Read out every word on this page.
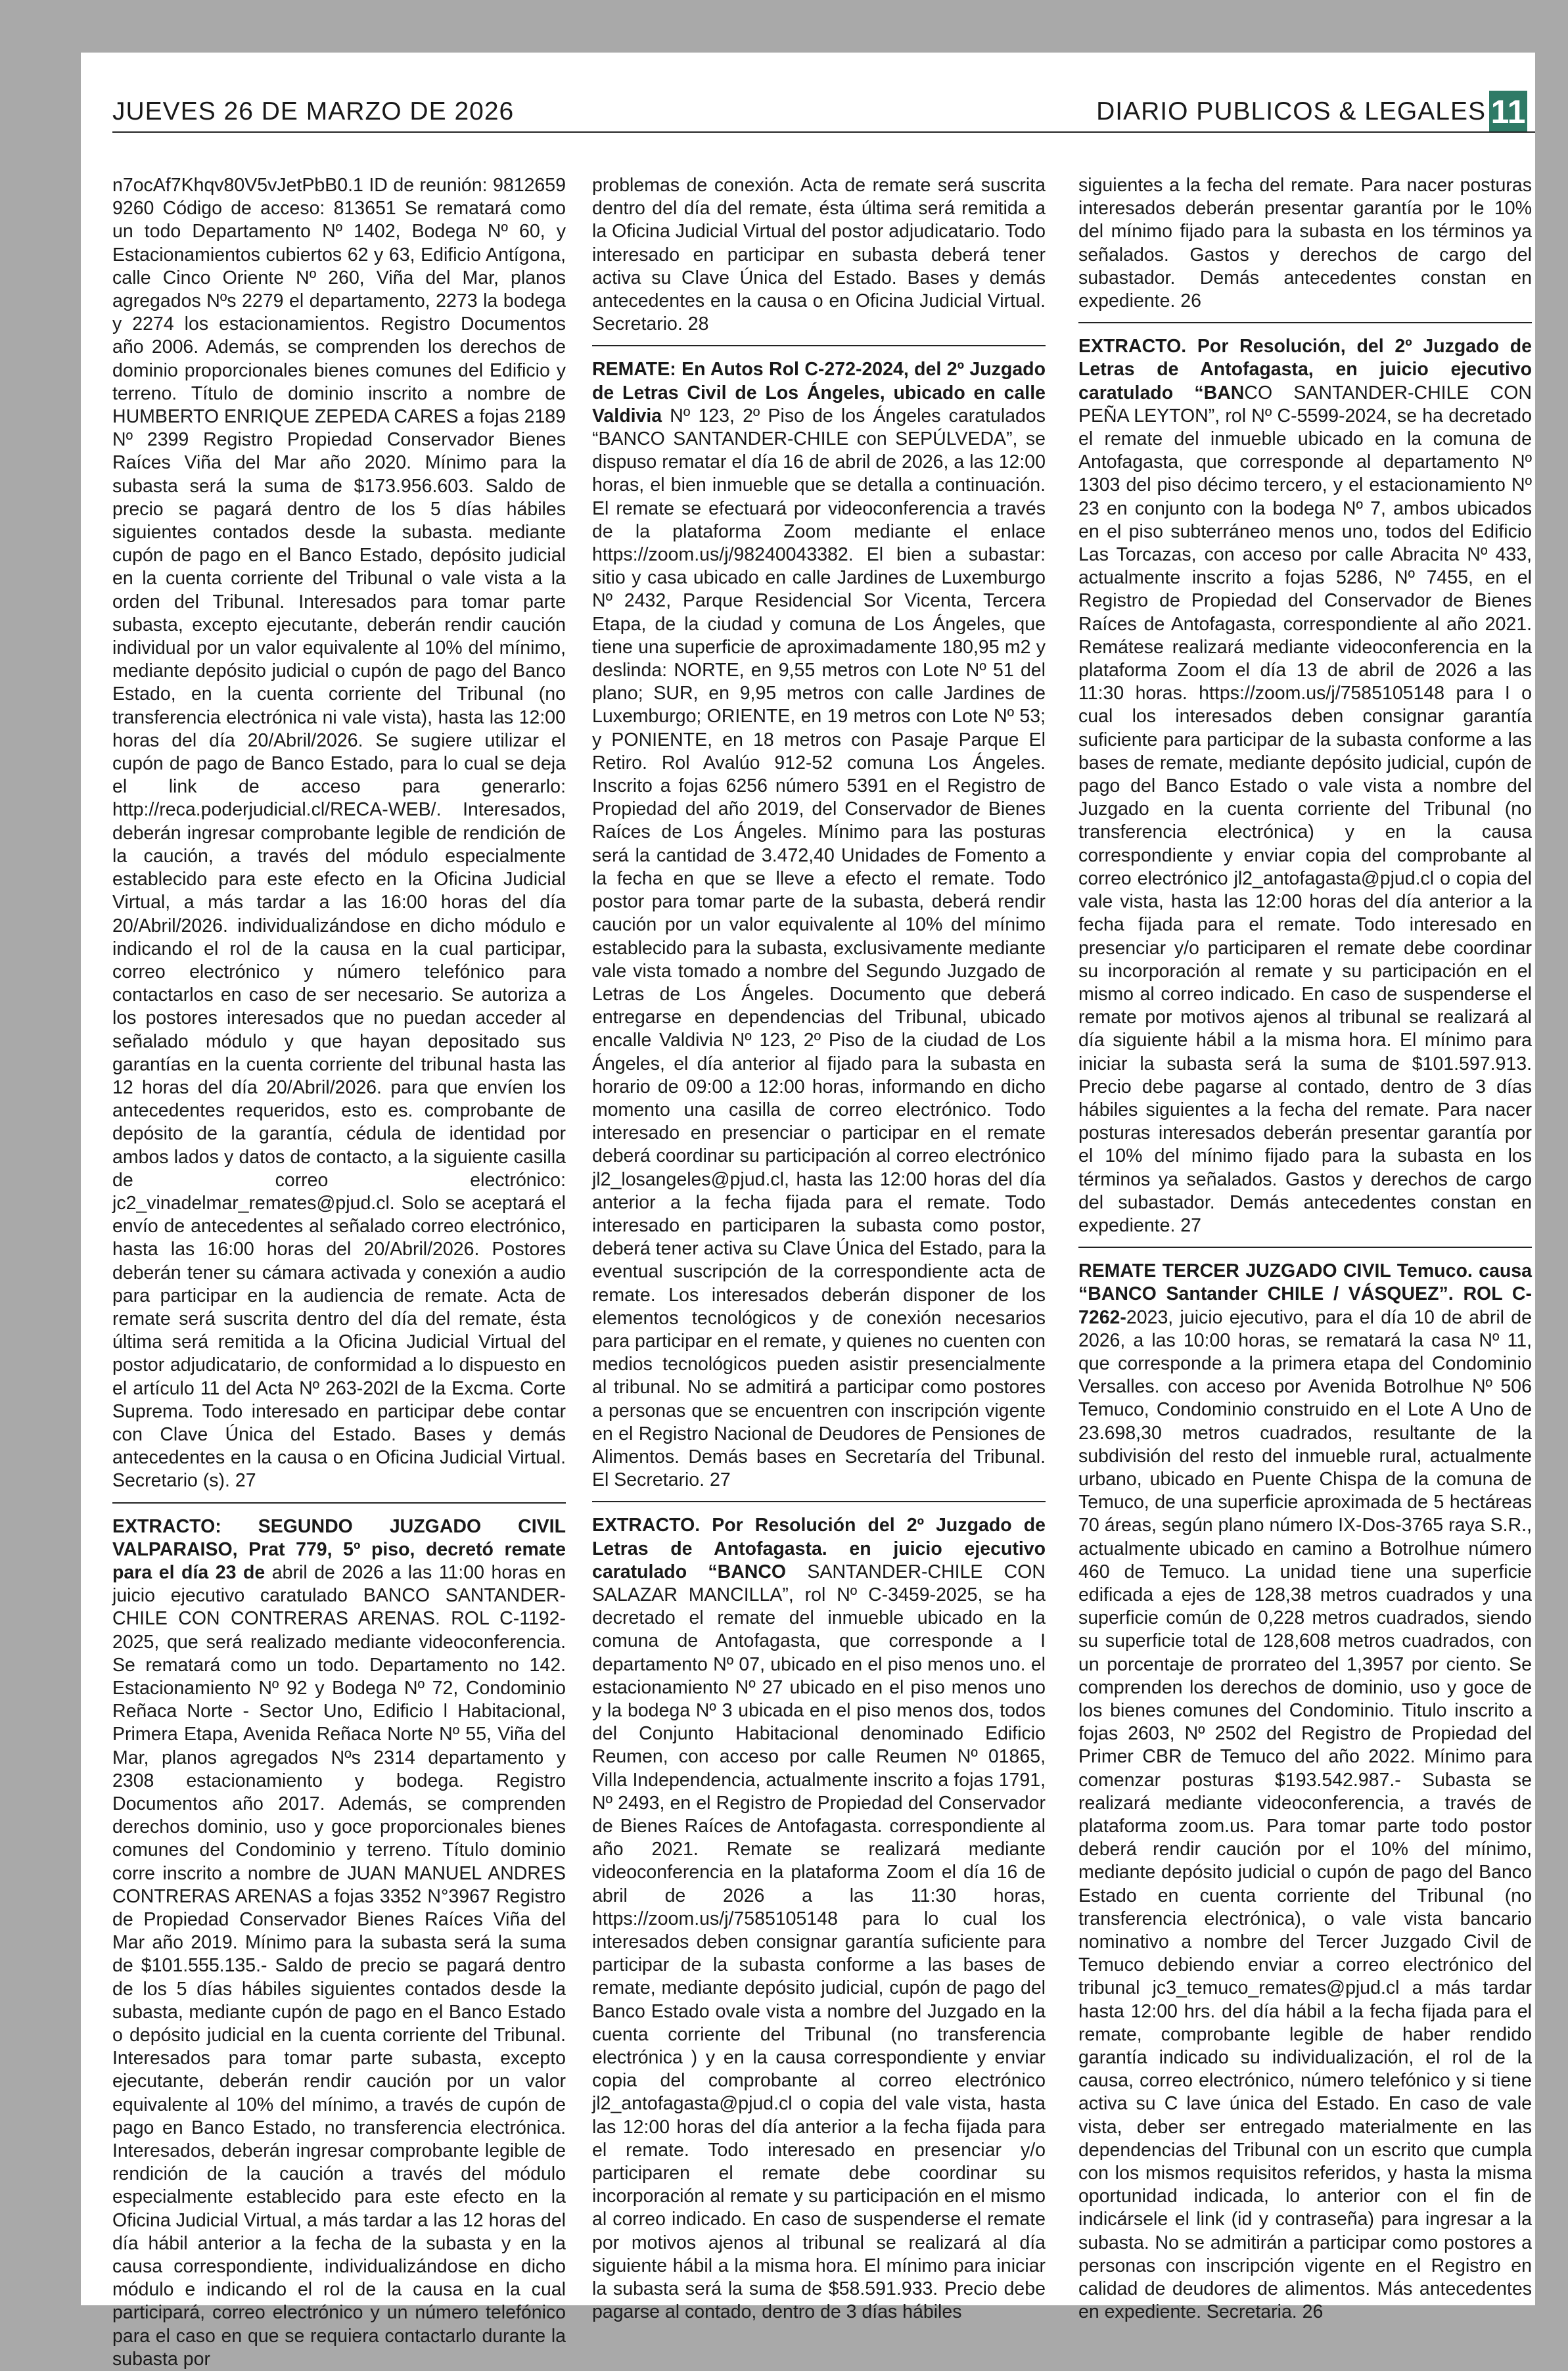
JUEVES 26 DE MARZO DE 2026	DIARIO PUBLICOS & LEGALES 11

n7ocAf7Khqv80V5vJetPbB0.1 ID de reunión: 9812659 9260 Código de acceso: 813651 Se rematará como un todo Departamento Nº 1402, Bodega Nº 60, y Estacionamientos cubiertos 62 y 63, Edificio Antígona, calle Cinco Oriente Nº 260, Viña del Mar, planos agregados Nºs 2279 el departamento, 2273 la bodega y 2274 los estacionamientos. Registro Documentos año 2006. Además, se comprenden los derechos de dominio proporcionales bienes comunes del Edificio y terreno. Título de dominio inscrito a nombre de HUMBERTO ENRIQUE ZEPEDA CARES a fojas 2189 Nº 2399 Registro Propiedad Conservador Bienes Raíces Viña del Mar año 2020. Mínimo para la subasta será la suma de $173.956.603. Saldo de precio se pagará dentro de los 5 días hábiles siguientes contados desde la subasta. mediante cupón de pago en el Banco Estado, depósito judicial en la cuenta corriente del Tribunal o vale vista a la orden del Tribunal. Interesados para tomar parte subasta, excepto ejecutante, deberán rendir caución individual por un valor equivalente al 10% del mínimo, mediante depósito judicial o cupón de pago del Banco Estado, en la cuenta corriente del Tribunal (no transferencia electrónica ni vale vista), hasta las 12:00 horas del día 20/Abril/2026. Se sugiere utilizar el cupón de pago de Banco Estado, para lo cual se deja el link de acceso para generarlo: http://reca.poderjudicial.cl/RECA-WEB/. Interesados, deberán ingresar comprobante legible de rendición de la caución, a través del módulo especialmente establecido para este efecto en la Oficina Judicial Virtual, a más tardar a las 16:00 horas del día 20/Abril/2026. individualizándose en dicho módulo e indicando el rol de la causa en la cual participar, correo electrónico y número telefónico para contactarlos en caso de ser necesario. Se autoriza a los postores interesados que no puedan acceder al señalado módulo y que hayan depositado sus garantías en la cuenta corriente del tribunal hasta las 12 horas del día 20/Abril/2026. para que envíen los antecedentes requeridos, esto es. comprobante de depósito de la garantía, cédula de identidad por ambos lados y datos de contacto, a la siguiente casilla de correo electrónico: jc2_vinadelmar_remates@pjud.cl. Solo se aceptará el envío de antecedentes al señalado correo electrónico, hasta las 16:00 horas del 20/Abril/2026. Postores deberán tener su cámara activada y conexión a audio para participar en la audiencia de remate. Acta de remate será suscrita dentro del día del remate, ésta última será remitida a la Oficina Judicial Virtual del postor adjudicatario, de conformidad a lo dispuesto en el artículo 11 del Acta Nº 263-202l de la Excma. Corte Suprema. Todo interesado en participar debe contar con Clave Única del Estado. Bases y demás antecedentes en la causa o en Oficina Judicial Virtual. Secretario (s). 27

EXTRACTO: SEGUNDO JUZGADO CIVIL VALPARAISO, Prat 779, 5º piso, decretó remate para el día 23 de abril de 2026 a las 11:00 horas en juicio ejecutivo caratulado BANCO SANTANDER-CHILE CON CONTRERAS ARENAS. ROL C-1192-2025, que será realizado mediante videoconferencia. Se rematará como un todo. Departamento no 142. Estacionamiento Nº 92 y Bodega Nº 72, Condominio Reñaca Norte - Sector Uno, Edificio l Habitacional, Primera Etapa, Avenida Reñaca Norte Nº 55, Viña del Mar, planos agregados Nºs 2314 departamento y 2308 estacionamiento y bodega. Registro Documentos año 2017. Además, se comprenden derechos dominio, uso y goce proporcionales bienes comunes del Condominio y terreno. Título dominio corre inscrito a nombre de JUAN MANUEL ANDRES CONTRERAS ARENAS a fojas 3352 N°3967 Registro de Propiedad Conservador Bienes Raíces Viña del Mar año 2019. Mínimo para la subasta será la suma de $101.555.135.- Saldo de precio se pagará dentro de los 5 días hábiles siguientes contados desde la subasta, mediante cupón de pago en el Banco Estado o depósito judicial en la cuenta corriente del Tribunal. Interesados para tomar parte subasta, excepto ejecutante, deberán rendir caución por un valor equivalente al 10% del mínimo, a través de cupón de pago en Banco Estado, no transferencia electrónica. Interesados, deberán ingresar comprobante legible de rendición de la caución a través del módulo especialmente establecido para este efecto en la Oficina Judicial Virtual, a más tardar a las 12 horas del día hábil anterior a la fecha de la subasta y en la causa correspondiente, individualizándose en dicho módulo e indicando el rol de la causa en la cual participará, correo electrónico y un número telefónico para el caso en que se requiera contactarlo durante la subasta por

problemas de conexión. Acta de remate será suscrita dentro del día del remate, ésta última será remitida a la Oficina Judicial Virtual del postor adjudicatario. Todo interesado en participar en subasta deberá tener activa su Clave Única del Estado. Bases y demás antecedentes en la causa o en Oficina Judicial Virtual. Secretario. 28

REMATE: En Autos Rol C-272-2024, del 2º Juzgado de Letras Civil de Los Ángeles, ubicado en calle Valdivia Nº 123, 2º Piso de los Ángeles caratulados “BANCO SANTANDER-CHILE con SEPÚLVEDA”, se dispuso rematar el día 16 de abril de 2026, a las 12:00 horas, el bien inmueble que se detalla a continuación. El remate se efectuará por videoconferencia a través de la plataforma Zoom mediante el enlace https://zoom.us/j/98240043382. El bien a subastar: sitio y casa ubicado en calle Jardines de Luxemburgo Nº 2432, Parque Residencial Sor Vicenta, Tercera Etapa, de la ciudad y comuna de Los Ángeles, que tiene una superficie de aproximadamente 180,95 m2 y deslinda: NORTE, en 9,55 metros con Lote Nº 51 del plano; SUR, en 9,95 metros con calle Jardines de Luxemburgo; ORIENTE, en 19 metros con Lote Nº 53; y PONIENTE, en 18 metros con Pasaje Parque El Retiro. Rol Avalúo 912-52 comuna Los Ángeles. Inscrito a fojas 6256 número 5391 en el Registro de Propiedad del año 2019, del Conservador de Bienes Raíces de Los Ángeles. Mínimo para las posturas será la cantidad de 3.472,40 Unidades de Fomento a la fecha en que se lleve a efecto el remate. Todo postor para tomar parte de la subasta, deberá rendir caución por un valor equivalente al 10% del mínimo establecido para la subasta, exclusivamente mediante vale vista tomado a nombre del Segundo Juzgado de Letras de Los Ángeles. Documento que deberá entregarse en dependencias del Tribunal, ubicado encalle Valdivia Nº 123, 2º Piso de la ciudad de Los Ángeles, el día anterior al fijado para la subasta en horario de 09:00 a 12:00 horas, informando en dicho momento una casilla de correo electrónico. Todo interesado en presenciar o participar en el remate deberá coordinar su participación al correo electrónico jl2_losangeles@pjud.cl, hasta las 12:00 horas del día anterior a la fecha fijada para el remate. Todo interesado en participaren la subasta como postor, deberá tener activa su Clave Única del Estado, para la eventual suscripción de la correspondiente acta de remate. Los interesados deberán disponer de los elementos tecnológicos y de conexión necesarios para participar en el remate, y quienes no cuenten con medios tecnológicos pueden asistir presencialmente al tribunal. No se admitirá a participar como postores a personas que se encuentren con inscripción vigente en el Registro Nacional de Deudores de Pensiones de Alimentos. Demás bases en Secretaría del Tribunal. El Secretario. 27

EXTRACTO. Por Resolución del 2º Juzgado de Letras de Antofagasta. en juicio ejecutivo caratulado “BANCO SANTANDER-CHILE CON SALAZAR MANCILLA”, rol Nº C-3459-2025, se ha decretado el remate del inmueble ubicado en la comuna de Antofagasta, que corresponde a I departamento Nº 07, ubicado en el piso menos uno. el estacionamiento Nº 27 ubicado en el piso menos uno y la bodega Nº 3 ubicada en el piso menos dos, todos del Conjunto Habitacional denominado Edificio Reumen, con acceso por calle Reumen Nº 01865, Villa Independencia, actualmente inscrito a fojas 1791, Nº 2493, en el Registro de Propiedad del Conservador de Bienes Raíces de Antofagasta. correspondiente al año 2021. Remate se realizará mediante videoconferencia en la plataforma Zoom el día 16 de abril de 2026 a las 11:30 horas, https://zoom.us/j/7585105148 para lo cual los interesados deben consignar garantía suficiente para participar de la subasta conforme a las bases de remate, mediante depósito judicial, cupón de pago del Banco Estado ovale vista a nombre del Juzgado en la cuenta corriente del Tribunal (no transferencia electrónica ) y en la causa correspondiente y enviar copia del comprobante al correo electrónico jl2_antofagasta@pjud.cl o copia del vale vista, hasta las 12:00 horas del día anterior a la fecha fijada para el remate. Todo interesado en presenciar y/o participaren el remate debe coordinar su incorporación al remate y su participación en el mismo al correo indicado. En caso de suspenderse el remate por motivos ajenos al tribunal se realizará al día siguiente hábil a la misma hora. El mínimo para iniciar la subasta será la suma de $58.591.933. Precio debe pagarse al contado, dentro de 3 días hábiles

siguientes a la fecha del remate. Para nacer posturas interesados deberán presentar garantía por le 10% del mínimo fijado para la subasta en los términos ya señalados. Gastos y derechos de cargo del subastador. Demás antecedentes constan en expediente. 26

EXTRACTO. Por Resolución, del 2º Juzgado de Letras de Antofagasta, en juicio ejecutivo caratulado “BANCO SANTANDER-CHILE CON PEÑA LEYTON”, rol Nº C-5599-2024, se ha decretado el remate del inmueble ubicado en la comuna de Antofagasta, que corresponde al departamento Nº 1303 del piso décimo tercero, y el estacionamiento Nº 23 en conjunto con la bodega Nº 7, ambos ubicados en el piso subterráneo menos uno, todos del Edificio Las Torcazas, con acceso por calle Abracita Nº 433, actualmente inscrito a fojas 5286, Nº 7455, en el Registro de Propiedad del Conservador de Bienes Raíces de Antofagasta, correspondiente al año 2021. Remátese realizará mediante videoconferencia en la plataforma Zoom el día 13 de abril de 2026 a las 11:30 horas. https://zoom.us/j/7585105148 para I o cual los interesados deben consignar garantía suficiente para participar de la subasta conforme a las bases de remate, mediante depósito judicial, cupón de pago del Banco Estado o vale vista a nombre del Juzgado en la cuenta corriente del Tribunal (no transferencia electrónica) y en la causa correspondiente y enviar copia del comprobante al correo electrónico jl2_antofagasta@pjud.cl o copia del vale vista, hasta las 12:00 horas del día anterior a la fecha fijada para el remate. Todo interesado en presenciar y/o participaren el remate debe coordinar su incorporación al remate y su participación en el mismo al correo indicado. En caso de suspenderse el remate por motivos ajenos al tribunal se realizará al día siguiente hábil a la misma hora. El mínimo para iniciar la subasta será la suma de $101.597.913. Precio debe pagarse al contado, dentro de 3 días hábiles siguientes a la fecha del remate. Para nacer posturas interesados deberán presentar garantía por el 10% del mínimo fijado para la subasta en los términos ya señalados. Gastos y derechos de cargo del subastador. Demás antecedentes constan en expediente. 27

REMATE TERCER JUZGADO CIVIL Temuco. causa “BANCO Santander CHILE / VÁSQUEZ”. ROL C-7262-2023, juicio ejecutivo, para el día 10 de abril de 2026, a las 10:00 horas, se rematará la casa Nº 11, que corresponde a la primera etapa del Condominio Versalles. con acceso por Avenida Botrolhue Nº 506 Temuco, Condominio construido en el Lote A Uno de 23.698,30 metros cuadrados, resultante de la subdivisión del resto del inmueble rural, actualmente urbano, ubicado en Puente Chispa de la comuna de Temuco, de una superficie aproximada de 5 hectáreas 70 áreas, según plano número IX-Dos-3765 raya S.R., actualmente ubicado en camino a Botrolhue número 460 de Temuco. La unidad tiene una superficie edificada a ejes de 128,38 metros cuadrados y una superficie común de 0,228 metros cuadrados, siendo su superficie total de 128,608 metros cuadrados, con un porcentaje de prorrateo del 1,3957 por ciento. Se comprenden los derechos de dominio, uso y goce de los bienes comunes del Condominio. Titulo inscrito a fojas 2603, Nº 2502 del Registro de Propiedad del Primer CBR de Temuco del año 2022. Mínimo para comenzar posturas $193.542.987.- Subasta se realizará mediante videoconferencia, a través de plataforma zoom.us. Para tomar parte todo postor deberá rendir caución por el 10% del mínimo, mediante depósito judicial o cupón de pago del Banco Estado en cuenta corriente del Tribunal (no transferencia electrónica), o vale vista bancario nominativo a nombre del Tercer Juzgado Civil de Temuco debiendo enviar a correo electrónico del tribunal jc3_temuco_remates@pjud.cl a más tardar hasta 12:00 hrs. del día hábil a la fecha fijada para el remate, comprobante legible de haber rendido garantía indicado su individualización, el rol de la causa, correo electrónico, número telefónico y si tiene activa su C lave única del Estado. En caso de vale vista, deber ser entregado materialmente en las dependencias del Tribunal con un escrito que cumpla con los mismos requisitos referidos, y hasta la misma oportunidad indicada, lo anterior con el fin de indicársele el link (id y contraseña) para ingresar a la subasta. No se admitirán a participar como postores a personas con inscripción vigente en el Registro en calidad de deudores de alimentos. Más antecedentes en expediente. Secretaria. 26
